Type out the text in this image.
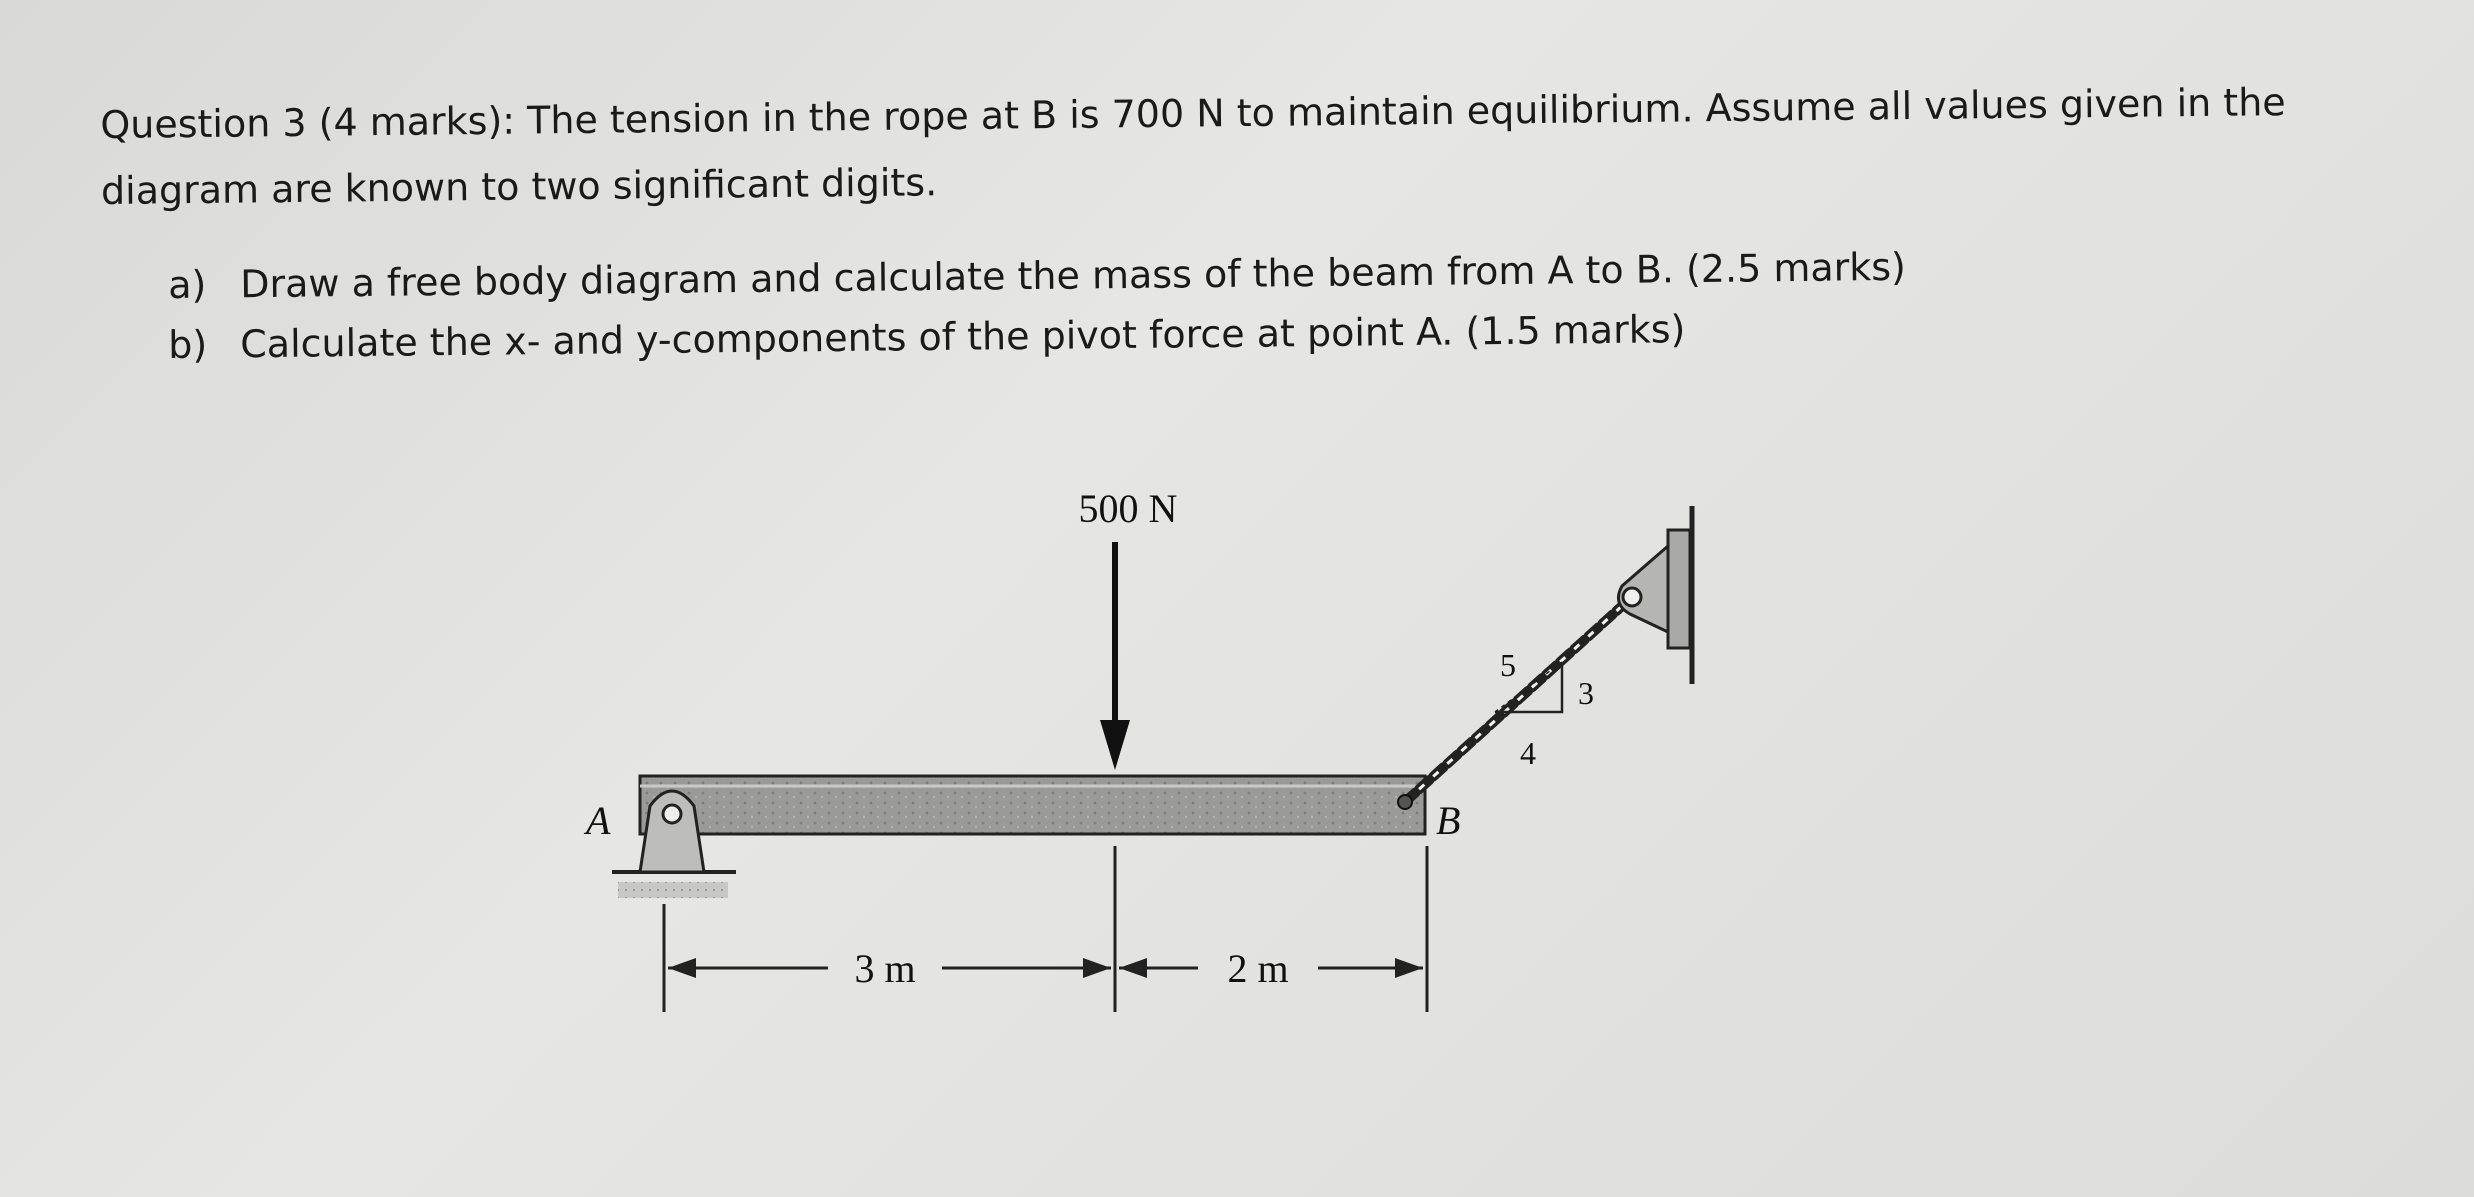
Question 3 (4 marks): The tension in the rope at B is 700 N to maintain equilibrium. Assume all values given in the diagram are known to two significant digits.
a) Draw a free body diagram and calculate the mass of the beam from A to B. (2.5 marks)
b) Calculate the x- and y-components of the pivot force at point A. (1.5 marks)
A
500 N
B
5
3
4
3 m	2 m
